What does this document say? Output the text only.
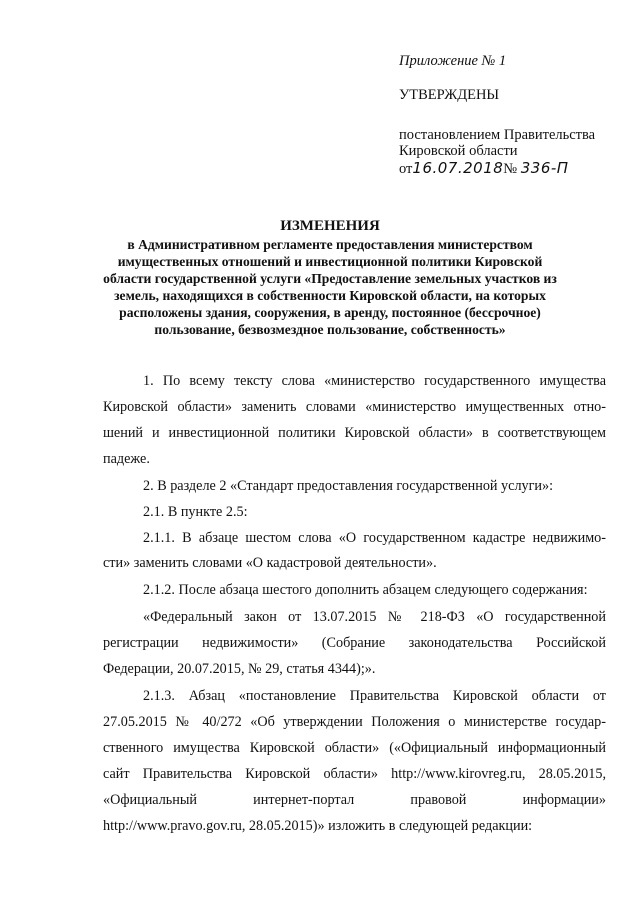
Приложение № 1
УТВЕРЖДЕНЫ
постановлением Правительства
Кировской области
от16.07.2018№ 336-П
ИЗМЕНЕНИЯ
в Административном регламенте предоставления министерством
имущественных отношений и инвестиционной политики Кировской
области государственной услуги «Предоставление земельных участков из
земель, находящихся в собственности Кировской области, на которых
расположены здания, сооружения, в аренду, постоянное (бессрочное)
пользование, безвозмездное пользование, собственность»
1. По всему тексту слова «министерство государственного имущества
Кировской области» заменить словами «министерство имущественных отно-
шений и инвестиционной политики Кировской области» в соответствующем
падеже.
2. В разделе 2 «Стандарт предоставления государственной услуги»:
2.1. В пункте 2.5:
2.1.1. В абзаце шестом слова «О государственном кадастре недвижимо-
сти» заменить словами «О кадастровой деятельности».
2.1.2. После абзаца шестого дополнить абзацем следующего содержания:
«Федеральный закон от 13.07.2015 № 218-ФЗ «О государственной
регистрации недвижимости» (Собрание законодательства Российской
Федерации, 20.07.2015, № 29, статья 4344);».
2.1.3. Абзац «постановление Правительства Кировской области от
27.05.2015 № 40/272 «Об утверждении Положения о министерстве государ-
ственного имущества Кировской области» («Официальный информационный
сайт Правительства Кировской области» http://www.kirovreg.ru, 28.05.2015,
«Официальный интернет-портал правовой информации»
http://www.pravo.gov.ru, 28.05.2015)» изложить в следующей редакции:
